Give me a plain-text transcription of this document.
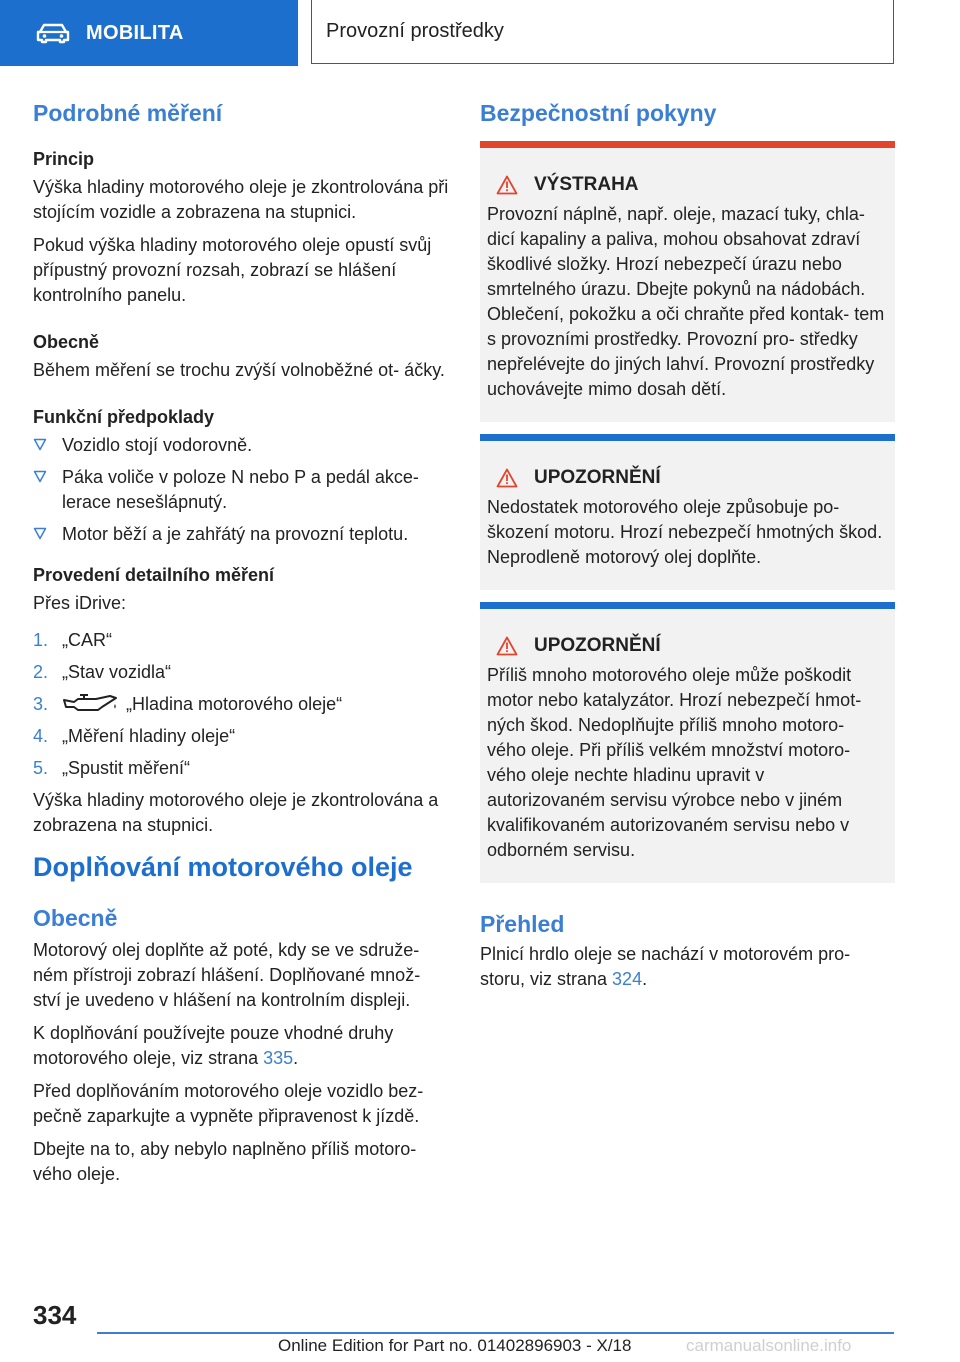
MOBILITA	Provozní prostředky
Podrobné měření
Princip

Výška hladiny motorového oleje je zkontrolována při stojícím vozidle a zobrazena na stupnici.

Pokud výška hladiny motorového oleje opustí svůj přípustný provozní rozsah, zobrazí se hlášení kontrolního panelu.

Obecně

Během měření se trochu zvýší volnoběžné ot- áčky.

Funkční předpoklady
Vozidlo stojí vodorovně.
Páka voliče v poloze N nebo P a pedál akce- lerace nesešlápnutý.
Motor běží a je zahřátý na provozní teplotu.
Provedení detailního měření

Přes iDrive:

1. „CAR“
2. „Stav vozidla“
3.	„Hladina motorového oleje“
4. „Měření hladiny oleje“
5. „Spustit měření“

Výška hladiny motorového oleje je zkontrolována a zobrazena na stupnici.

Doplňování motorového oleje
Obecně

Motorový olej doplňte až poté, kdy se ve sdruže- ném přístroji zobrazí hlášení. Doplňované množ- ství je uvedeno v hlášení na kontrolním displeji.

K doplňování používejte pouze vhodné druhy motorového oleje, viz strana 335.

Před doplňováním motorového oleje vozidlo bez- pečně zaparkujte a vypněte připravenost k jízdě.

Dbejte na to, aby nebylo naplněno příliš motoro- vého oleje.

Bezpečnostní pokyny
VÝSTRAHA

Provozní náplně, např. oleje, mazací tuky, chla- dicí kapaliny a paliva, mohou obsahovat zdraví škodlivé složky. Hrozí nebezpečí úrazu nebo smrtelného úrazu. Dbejte pokynů na nádobách. Oblečení, pokožku a oči chraňte před kontak- tem s provozními prostředky. Provozní pro- středky nepřelévejte do jiných lahví. Provozní prostředky uchovávejte mimo dosah dětí.

UPOZORNĚNÍ

Nedostatek motorového oleje způsobuje po- škození motoru. Hrozí nebezpečí hmotných škod. Neprodleně motorový olej doplňte.

UPOZORNĚNÍ

Příliš mnoho motorového oleje může poškodit motor nebo katalyzátor. Hrozí nebezpečí hmot- ných škod. Nedoplňujte příliš mnoho motoro- vého oleje. Při příliš velkém množství motoro- vého oleje nechte hladinu upravit v autorizovaném servisu výrobce nebo v jiném kvalifikovaném autorizovaném servisu nebo v odborném servisu.

Přehled

Plnicí hrdlo oleje se nachází v motorovém pro- storu, viz strana 324.

334
Online Edition for Part no. 01402896903 - X/18	carmanualsonline.info
